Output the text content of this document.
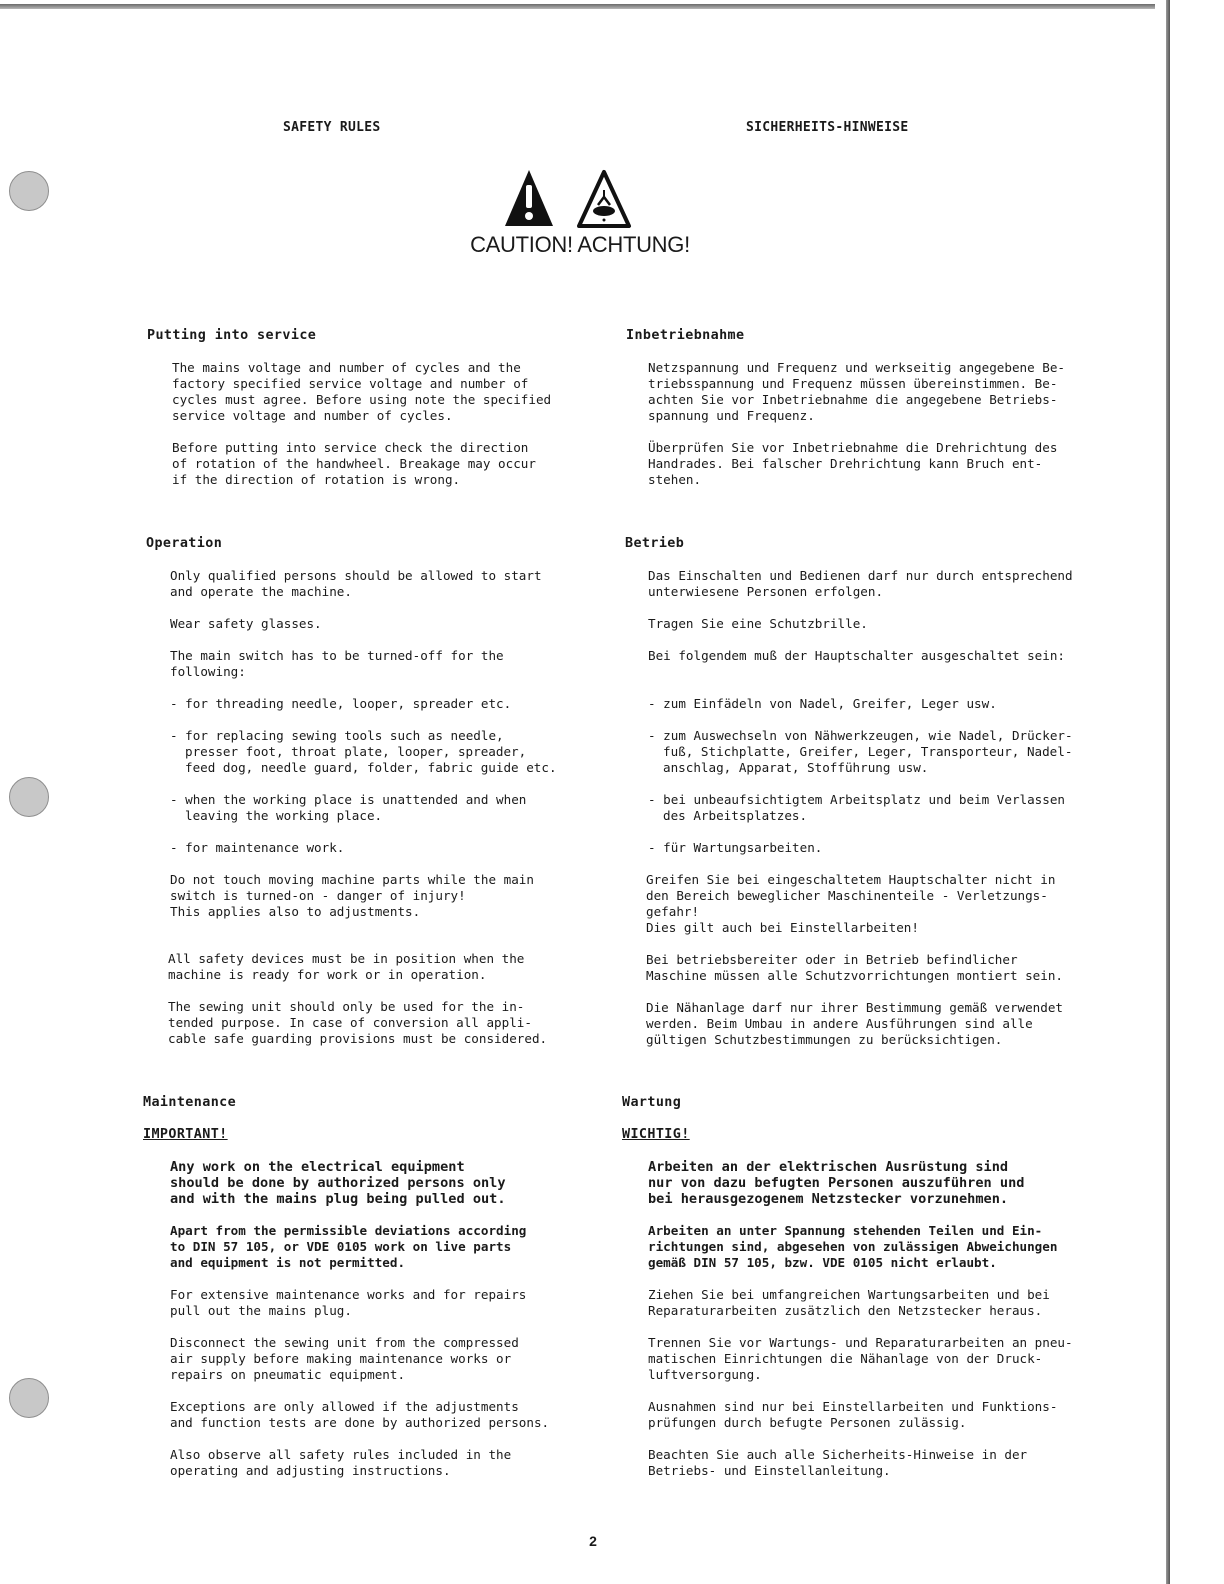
SAFETY RULES	SICHERHEITS-HINWEISE
CAUTION! ACHTUNG!
Putting into service	Inbetriebnahme

The mains voltage and number of cycles and the
factory specified service voltage and number of
cycles must agree. Before using note the specified
service voltage and number of cycles.

Before putting into service check the direction
of rotation of the handwheel. Breakage may occur
if the direction of rotation is wrong.

Netzspannung und Frequenz und werkseitig angegebene Be-
triebsspannung und Frequenz müssen übereinstimmen. Be-
achten Sie vor Inbetriebnahme die angegebene Betriebs-
spannung und Frequenz.

Überprüfen Sie vor Inbetriebnahme die Drehrichtung des
Handrades. Bei falscher Drehrichtung kann Bruch ent-
stehen.

Operation	Betrieb

Only qualified persons should be allowed to start
and operate the machine.

Wear safety glasses.

The main switch has to be turned-off for the
following:

- for threading needle, looper, spreader etc.

- for replacing sewing tools such as needle,
presser foot, throat plate, looper, spreader,
feed dog, needle guard, folder, fabric guide etc.

- when the working place is unattended and when
leaving the working place.

- for maintenance work.

Do not touch moving machine parts while the main
switch is turned-on - danger of injury!
This applies also to adjustments.

All safety devices must be in position when the
machine is ready for work or in operation.

The sewing unit should only be used for the in-
tended purpose. In case of conversion all appli-
cable safe guarding provisions must be considered.

Das Einschalten und Bedienen darf nur durch entsprechend
unterwiesene Personen erfolgen.

Tragen Sie eine Schutzbrille.

Bei folgendem muß der Hauptschalter ausgeschaltet sein:

- zum Einfädeln von Nadel, Greifer, Leger usw.

- zum Auswechseln von Nähwerkzeugen, wie Nadel, Drücker-
fuß, Stichplatte, Greifer, Leger, Transporteur, Nadel-
anschlag, Apparat, Stofführung usw.

- bei unbeaufsichtigtem Arbeitsplatz und beim Verlassen
des Arbeitsplatzes.

- für Wartungsarbeiten.

Greifen Sie bei eingeschaltetem Hauptschalter nicht in
den Bereich beweglicher Maschinenteile - Verletzungs-
gefahr!
Dies gilt auch bei Einstellarbeiten!

Bei betriebsbereiter oder in Betrieb befindlicher
Maschine müssen alle Schutzvorrichtungen montiert sein.

Die Nähanlage darf nur ihrer Bestimmung gemäß verwendet
werden. Beim Umbau in andere Ausführungen sind alle
gültigen Schutzbestimmungen zu berücksichtigen.

Maintenance	Wartung
IMPORTANT!	WICHTIG!

Any work on the electrical equipment
should be done by authorized persons only
and with the mains plug being pulled out.

Apart from the permissible deviations according
to DIN 57 105, or VDE 0105 work on live parts
and equipment is not permitted.

For extensive maintenance works and for repairs
pull out the mains plug.

Disconnect the sewing unit from the compressed
air supply before making maintenance works or
repairs on pneumatic equipment.

Exceptions are only allowed if the adjustments
and function tests are done by authorized persons.

Also observe all safety rules included in the
operating and adjusting instructions.

Arbeiten an der elektrischen Ausrüstung sind
nur von dazu befugten Personen auszuführen und
bei herausgezogenem Netzstecker vorzunehmen.

Arbeiten an unter Spannung stehenden Teilen und Ein-
richtungen sind, abgesehen von zulässigen Abweichungen
gemäß DIN 57 105, bzw. VDE 0105 nicht erlaubt.

Ziehen Sie bei umfangreichen Wartungsarbeiten und bei
Reparaturarbeiten zusätzlich den Netzstecker heraus.

Trennen Sie vor Wartungs- und Reparaturarbeiten an pneu-
matischen Einrichtungen die Nähanlage von der Druck-
luftversorgung.

Ausnahmen sind nur bei Einstellarbeiten und Funktions-
prüfungen durch befugte Personen zulässig.

Beachten Sie auch alle Sicherheits-Hinweise in der
Betriebs- und Einstellanleitung.

2
